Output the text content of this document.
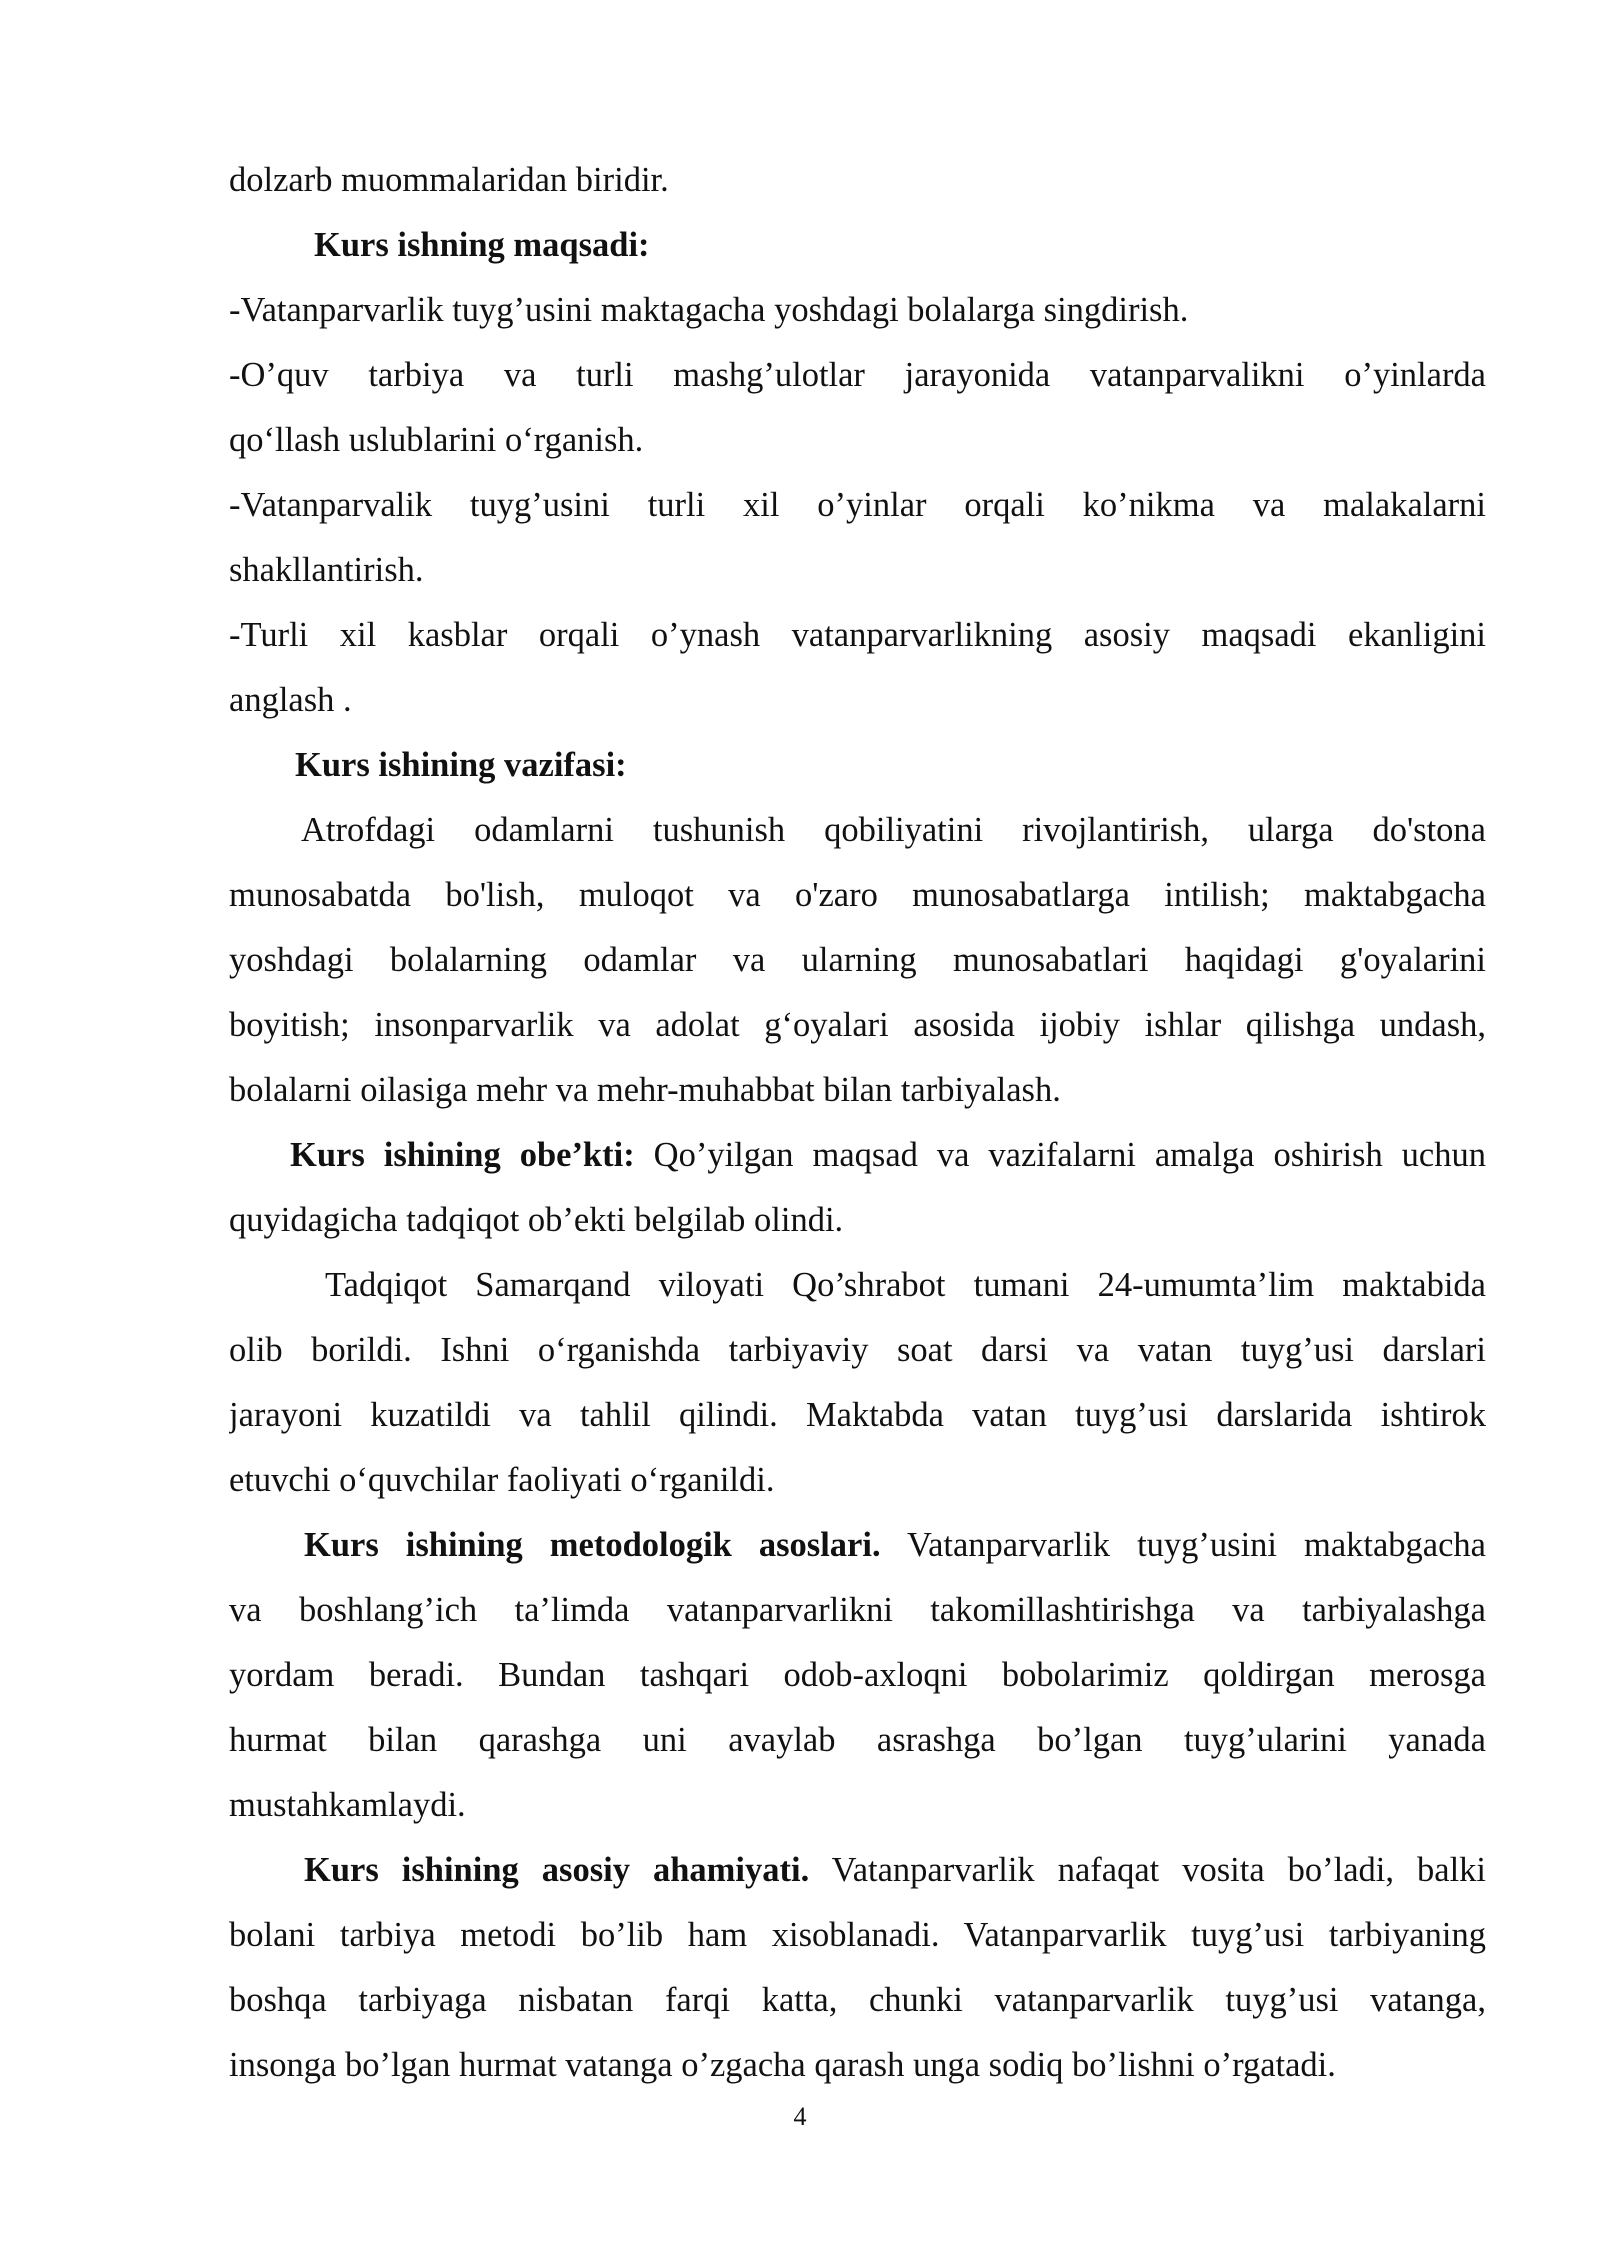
dolzarb muommalaridan biridir.
Kurs ishning maqsadi:
-Vatanparvarlik tuyg’usini maktagacha yoshdagi bolalarga singdirish.
-O’quv tarbiya va turli mashg’ulotlar jarayonida vatanparvalikni o’yinlarda
qo‘llash uslublarini o‘rganish.
-Vatanparvalik tuyg’usini turli xil o’yinlar orqali ko’nikma va malakalarni
shakllantirish.
-Turli xil kasblar orqali o’ynash vatanparvarlikning asosiy maqsadi ekanligini
anglash .
Kurs ishining vazifasi:
Atrofdagi odamlarni tushunish qobiliyatini rivojlantirish, ularga do'stona
munosabatda bo'lish, muloqot va o'zaro munosabatlarga intilish; maktabgacha
yoshdagi bolalarning odamlar va ularning munosabatlari haqidagi g'oyalarini
boyitish; insonparvarlik va adolat g‘oyalari asosida ijobiy ishlar qilishga undash,
bolalarni oilasiga mehr va mehr-muhabbat bilan tarbiyalash.
Kurs ishining obe’kti: Qo’yilgan maqsad va vazifalarni amalga oshirish uchun
quyidagicha tadqiqot ob’ekti belgilab olindi.
Tadqiqot Samarqand viloyati Qo’shrabot tumani 24-umumta’lim maktabida
olib borildi. Ishni o‘rganishda tarbiyaviy soat darsi va vatan tuyg’usi darslari
jarayoni kuzatildi va tahlil qilindi. Maktabda vatan tuyg’usi darslarida ishtirok
etuvchi o‘quvchilar faoliyati o‘rganildi.
Kurs ishining metodologik asoslari. Vatanparvarlik tuyg’usini maktabgacha
va boshlang’ich ta’limda vatanparvarlikni takomillashtirishga va tarbiyalashga
yordam beradi. Bundan tashqari odob-axloqni bobolarimiz qoldirgan merosga
hurmat bilan qarashga uni avaylab asrashga bo’lgan tuyg’ularini yanada
mustahkamlaydi.
Kurs ishining asosiy ahamiyati. Vatanparvarlik nafaqat vosita bo’ladi, balki
bolani tarbiya metodi bo’lib ham xisoblanadi. Vatanparvarlik tuyg’usi tarbiyaning
boshqa tarbiyaga nisbatan farqi katta, chunki vatanparvarlik tuyg’usi vatanga,
insonga bo’lgan hurmat vatanga o’zgacha qarash unga sodiq bo’lishni o’rgatadi.
4
